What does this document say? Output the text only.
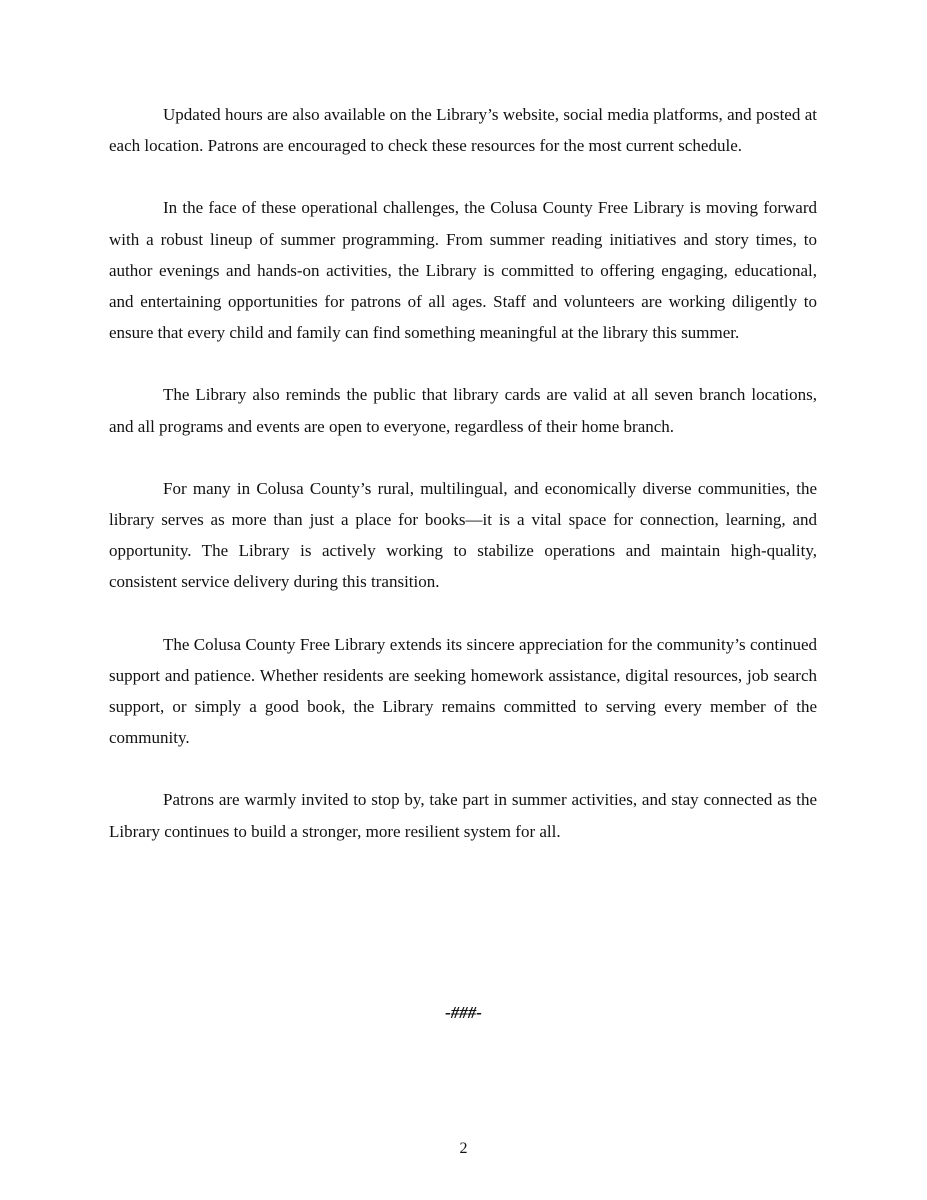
Updated hours are also available on the Library’s website, social media platforms, and posted at each location. Patrons are encouraged to check these resources for the most current schedule.

In the face of these operational challenges, the Colusa County Free Library is moving forward with a robust lineup of summer programming. From summer reading initiatives and story times, to author evenings and hands-on activities, the Library is committed to offering engaging, educational, and entertaining opportunities for patrons of all ages. Staff and volunteers are working diligently to ensure that every child and family can find something meaningful at the library this summer.

The Library also reminds the public that library cards are valid at all seven branch locations, and all programs and events are open to everyone, regardless of their home branch.

For many in Colusa County’s rural, multilingual, and economically diverse communities, the library serves as more than just a place for books—it is a vital space for connection, learning, and opportunity. The Library is actively working to stabilize operations and maintain high-quality, consistent service delivery during this transition.

The Colusa County Free Library extends its sincere appreciation for the community’s continued support and patience. Whether residents are seeking homework assistance, digital resources, job search support, or simply a good book, the Library remains committed to serving every member of the community.

Patrons are warmly invited to stop by, take part in summer activities, and stay connected as the Library continues to build a stronger, more resilient system for all.

-###-
2
